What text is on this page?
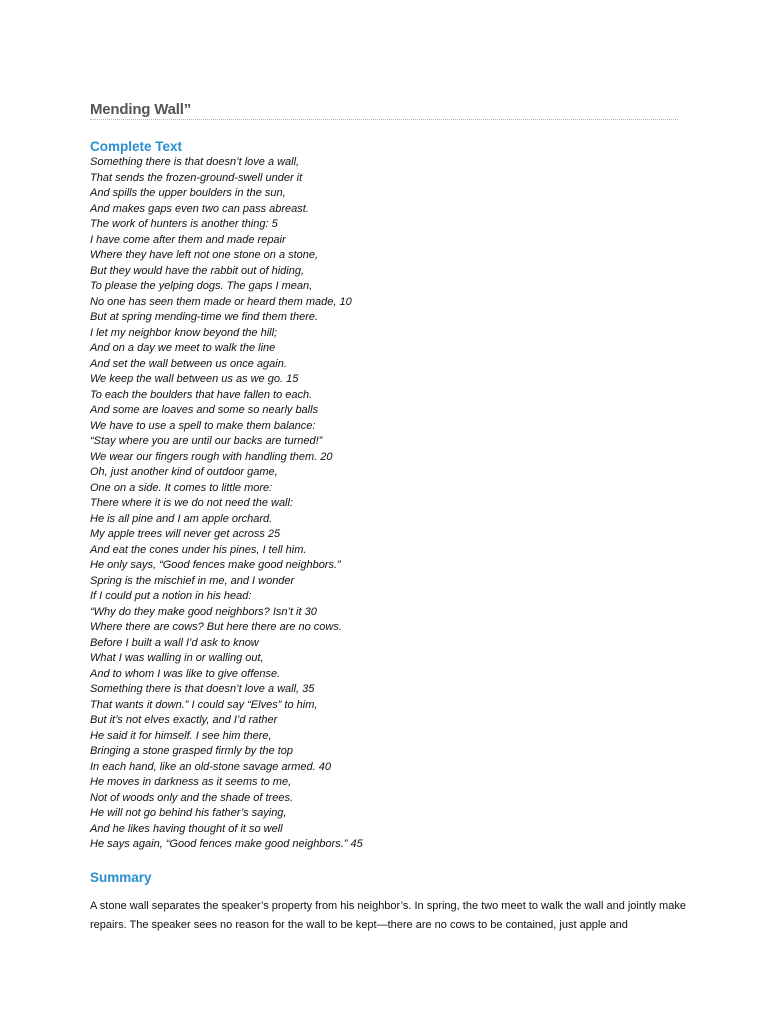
Mending Wall”
Complete Text
Something there is that doesn’t love a wall,
That sends the frozen-ground-swell under it
And spills the upper boulders in the sun,
And makes gaps even two can pass abreast.
The work of hunters is another thing: 5
I have come after them and made repair
Where they have left not one stone on a stone,
But they would have the rabbit out of hiding,
To please the yelping dogs. The gaps I mean,
No one has seen them made or heard them made, 10
But at spring mending-time we find them there.
I let my neighbor know beyond the hill;
And on a day we meet to walk the line
And set the wall between us once again.
We keep the wall between us as we go. 15
To each the boulders that have fallen to each.
And some are loaves and some so nearly balls
We have to use a spell to make them balance:
“Stay where you are until our backs are turned!”
We wear our fingers rough with handling them. 20
Oh, just another kind of outdoor game,
One on a side. It comes to little more:
There where it is we do not need the wall:
He is all pine and I am apple orchard.
My apple trees will never get across 25
And eat the cones under his pines, I tell him.
He only says, “Good fences make good neighbors.”
Spring is the mischief in me, and I wonder
If I could put a notion in his head:
“Why do they make good neighbors? Isn’t it 30
Where there are cows? But here there are no cows.
Before I built a wall I’d ask to know
What I was walling in or walling out,
And to whom I was like to give offense.
Something there is that doesn’t love a wall, 35
That wants it down.” I could say “Elves” to him,
But it’s not elves exactly, and I’d rather
He said it for himself. I see him there,
Bringing a stone grasped firmly by the top
In each hand, like an old-stone savage armed. 40
He moves in darkness as it seems to me,
Not of woods only and the shade of trees.
He will not go behind his father’s saying,
And he likes having thought of it so well
He says again, “Good fences make good neighbors.” 45
Summary
A stone wall separates the speaker’s property from his neighbor’s. In spring, the two meet to walk the wall and jointly make repairs. The speaker sees no reason for the wall to be kept—there are no cows to be contained, just apple and
